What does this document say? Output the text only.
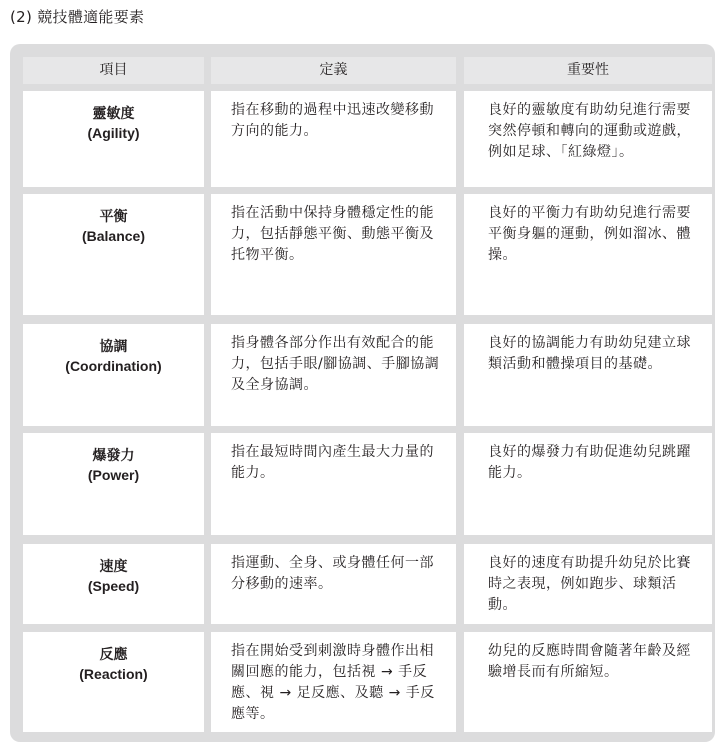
(2) 競技體適能要素
項目	定義	重要性
靈敏度
(Agility)
指在移動的過程中迅速改變移動方向的能力。
良好的靈敏度有助幼兒進行需要突然停頓和轉向的運動或遊戲，例如足球、「紅綠燈」。
平衡
(Balance)
指在活動中保持身體穩定性的能力，包括靜態平衡、動態平衡及托物平衡。
良好的平衡力有助幼兒進行需要平衡身軀的運動，例如溜冰、體操。
協調
(Coordination)
指身體各部分作出有效配合的能力，包括手眼/腳協調、手腳協調及全身協調。
良好的協調能力有助幼兒建立球類活動和體操項目的基礎。
爆發力
(Power)
指在最短時間內產生最大力量的能力。
良好的爆發力有助促進幼兒跳躍能力。
速度
(Speed)
指運動、全身、或身體任何一部分移動的速率。
良好的速度有助提升幼兒於比賽時之表現，例如跑步、球類活動。
反應
(Reaction)
指在開始受到刺激時身體作出相關回應的能力，包括視 → 手反應、視 → 足反應、及聽 → 手反應等。
幼兒的反應時間會隨著年齡及經驗增長而有所縮短。
